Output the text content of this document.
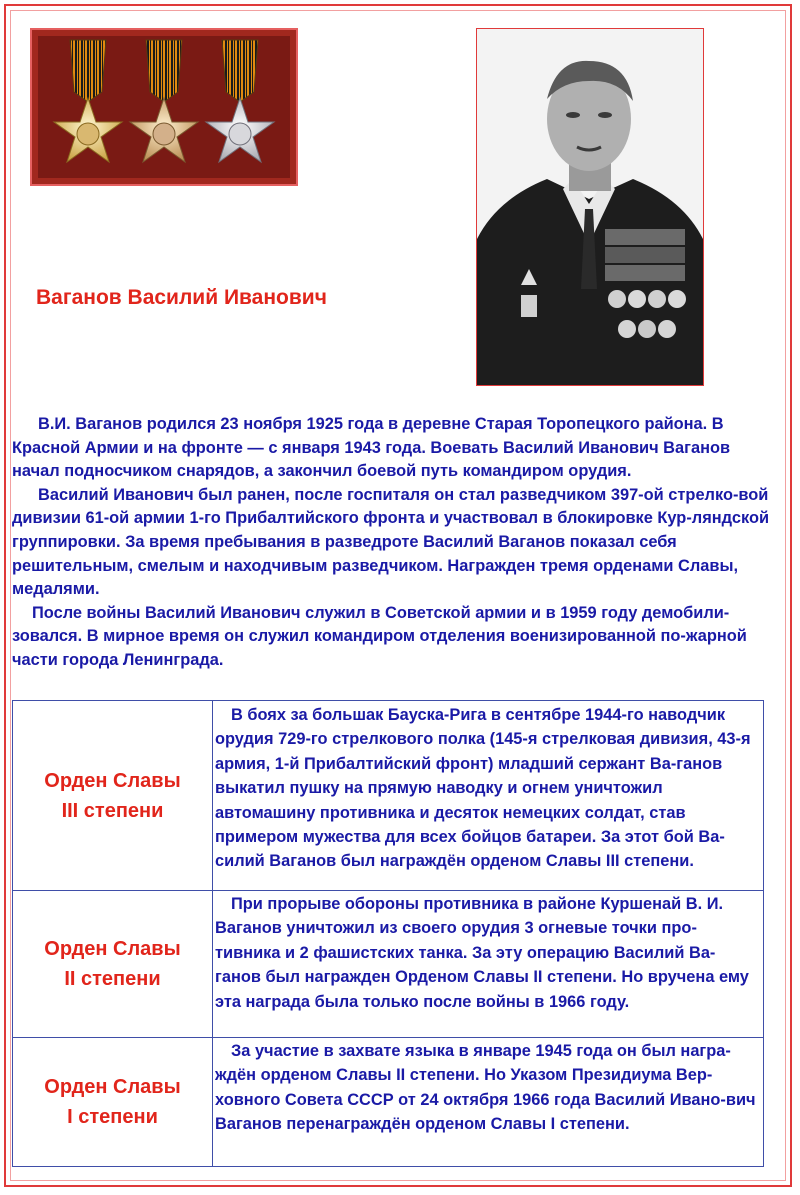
Ваганов Василий Иванович

В.И. Ваганов родился 23 ноября 1925 года в деревне Старая Торопецкого района. В Красной Армии и на фронте — с января 1943 года. Воевать Василий Иванович Ваганов начал подносчиком снарядов, а закончил боевой путь командиром орудия.

Василий Иванович был ранен, после госпиталя он стал разведчиком 397-ой стрелко-вой дивизии 61-ой армии 1-го Прибалтийского фронта и участвовал в блокировке Кур-ляндской группировки. За время пребывания в разведроте Василий Ваганов показал себя решительным, смелым и находчивым разведчиком. Награжден тремя орденами Славы, медалями.

После войны Василий Иванович служил в Советской армии и в 1959 году демобили-зовался. В мирное время он служил командиром отделения военизированной по-жарной части города Ленинграда.

Орден Славы
III степени

В боях за большак Бауска-Рига в сентябре 1944-го наводчик орудия 729-го стрелкового полка (145-я стрелковая дивизия, 43-я армия, 1-й Прибалтийский фронт) младший сержант Ва-ганов выкатил пушку на прямую наводку и огнем уничтожил автомашину противника и десяток немецких солдат, став примером мужества для всех бойцов батареи. За этот бой Ва-силий Ваганов был награждён орденом Славы III степени.

Орден Славы
II степени

При прорыве обороны противника в районе Куршенай В. И. Ваганов уничтожил из своего орудия 3 огневые точки про-тивника и 2 фашистских танка. За эту операцию Василий Ва-ганов был награжден Орденом Славы II степени. Но вручена ему эта награда была только после войны в 1966 году.

Орден Славы
I степени

За участие в захвате языка в январе 1945 года он был награ-ждён орденом Славы II степени. Но Указом Президиума Вер-ховного Совета СССР от 24 октября 1966 года Василий Ивано-вич Ваганов перенаграждён орденом Славы I степени.
